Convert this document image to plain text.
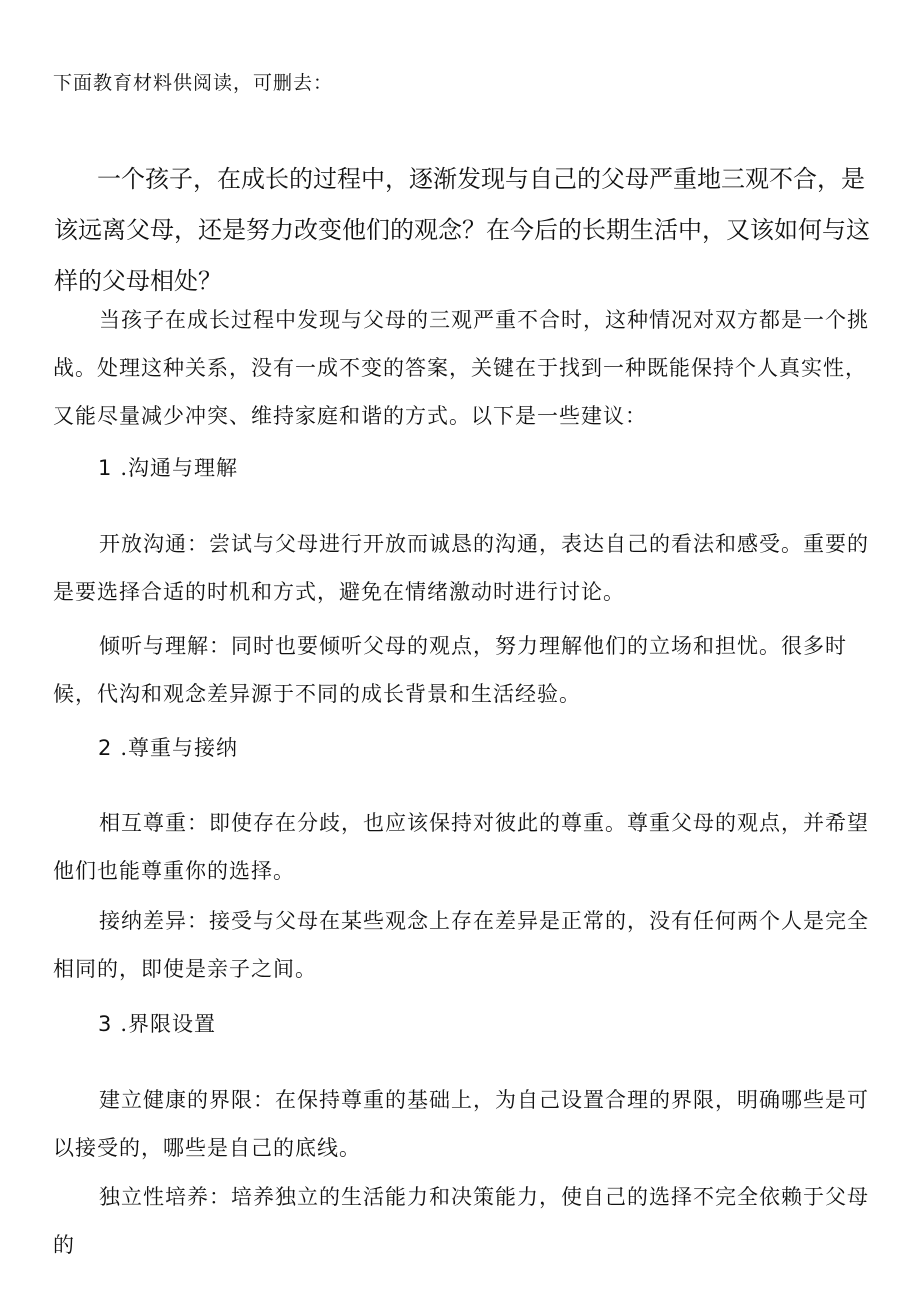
下面教育材料供阅读，可删去：

一个孩子，在成长的过程中，逐渐发现与自己的父母严重地三观不合，是该远离父母，还是努力改变他们的观念？在今后的长期生活中，又该如何与这样的父母相处？

当孩子在成长过程中发现与父母的三观严重不合时，这种情况对双方都是一个挑战。处理这种关系，没有一成不变的答案，关键在于找到一种既能保持个人真实性，又能尽量减少冲突、维持家庭和谐的方式。以下是一些建议：

1 .沟通与理解

开放沟通：尝试与父母进行开放而诚恳的沟通，表达自己的看法和感受。重要的是要选择合适的时机和方式，避免在情绪激动时进行讨论。

倾听与理解：同时也要倾听父母的观点，努力理解他们的立场和担忧。很多时候，代沟和观念差异源于不同的成长背景和生活经验。

2 .尊重与接纳

相互尊重：即使存在分歧，也应该保持对彼此的尊重。尊重父母的观点，并希望他们也能尊重你的选择。

接纳差异：接受与父母在某些观念上存在差异是正常的，没有任何两个人是完全相同的，即使是亲子之间。

3 .界限设置

建立健康的界限：在保持尊重的基础上，为自己设置合理的界限，明确哪些是可以接受的，哪些是自己的底线。

独立性培养：培养独立的生活能力和决策能力，使自己的选择不完全依赖于父母的
